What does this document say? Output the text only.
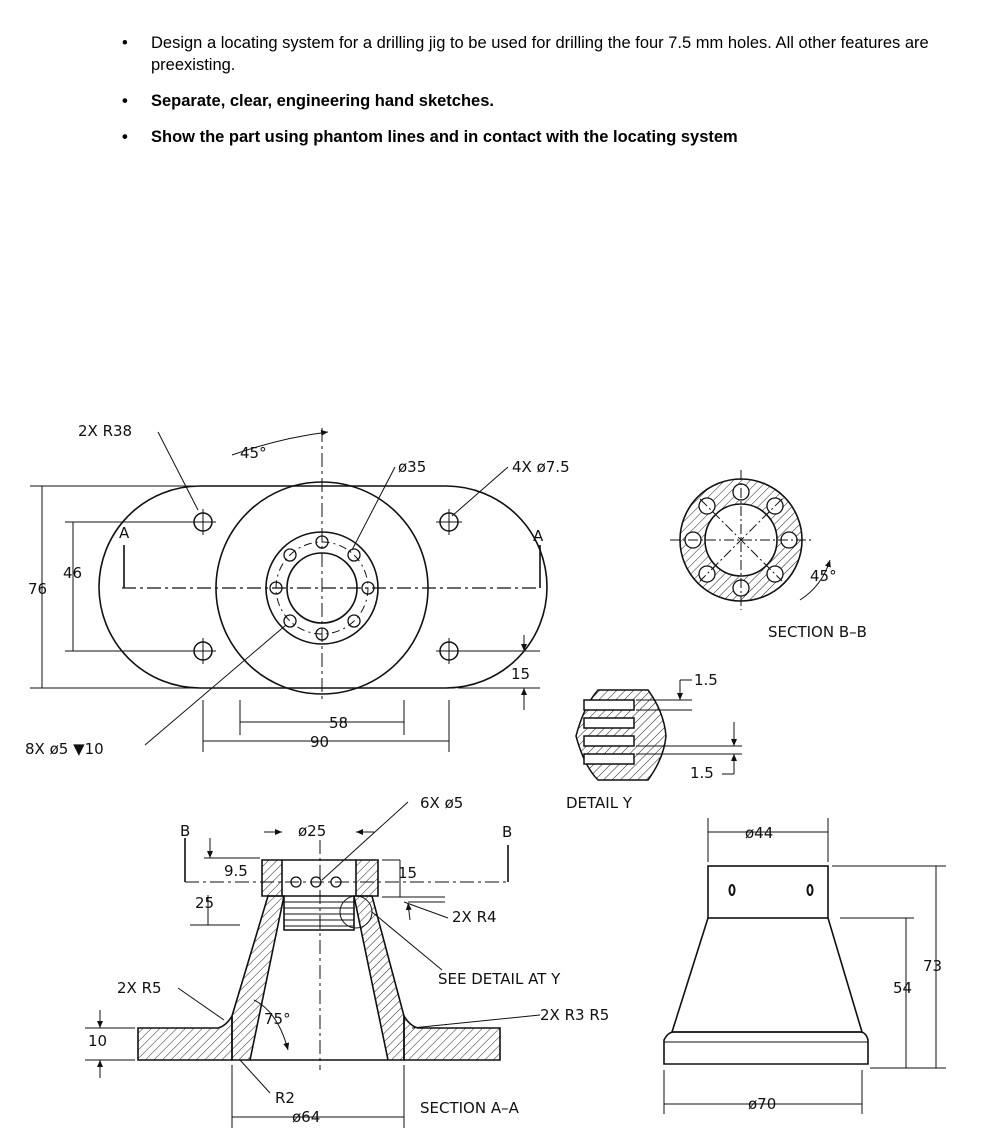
• Design a locating system for a drilling jig to be used for drilling the four 7.5 mm holes. All other features are preexisting.
• Separate, clear, engineering hand sketches.
• Show the part using phantom lines and in contact with the locating system
2X R38
45°
ø35	4X ø7.5
A	A
76
46
15
58
90
8X ø5 ▼10
6X ø5
B	B
ø25
9.5	15
25
2X R4
SEE DETAIL AT Y
2X R5
75°	2X R3 R5
10
R2
ø64	SECTION A–A
DETAIL Y
1.5
1.5
45°
SECTION B–B
ø44
54
73
ø70
